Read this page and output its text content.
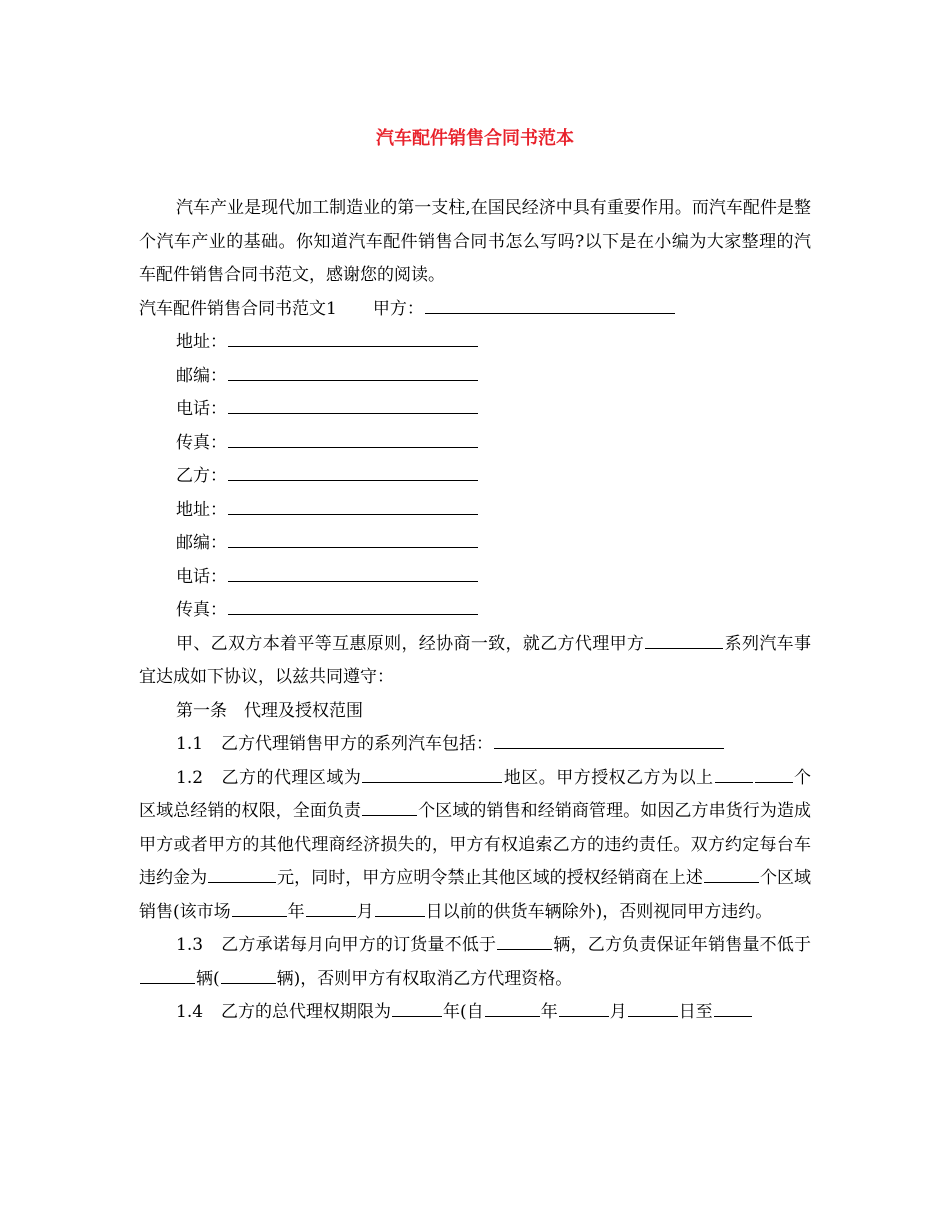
汽车配件销售合同书范本

汽车产业是现代加工制造业的第一支柱,在国民经济中具有重要作用。而汽车配件是整个汽车产业的基础。你知道汽车配件销售合同书怎么写吗?以下是在小编为大家整理的汽车配件销售合同书范文，感谢您的阅读。

汽车配件销售合同书范文1 甲方：

地址：

邮编：

电话：

传真：

乙方：

地址：

邮编：

电话：

传真：

甲、乙双方本着平等互惠原则，经协商一致，就乙方代理甲方	系列汽车事宜达成如下协议，以兹共同遵守：

第一条　代理及授权范围

1.1 乙方代理销售甲方的系列汽车包括：

1.2 乙方的代理区域为	地区。甲方授权乙方为以上	个区域总经销的权限，全面负责	个区域的销售和经销商管理。如因乙方串货行为造成甲方或者甲方的其他代理商经济损失的，甲方有权追索乙方的违约责任。双方约定每台车违约金为	元，同时，甲方应明令禁止其他区域的授权经销商在上述	个区域销售(该市场	年	月	日以前的供货车辆除外)，否则视同甲方违约。

1.3 乙方承诺每月向甲方的订货量不低于	辆，乙方负责保证年销售量不低于辆(	辆)，否则甲方有权取消乙方代理资格。

1.4 乙方的总代理权期限为	年(自	年	月	日至
